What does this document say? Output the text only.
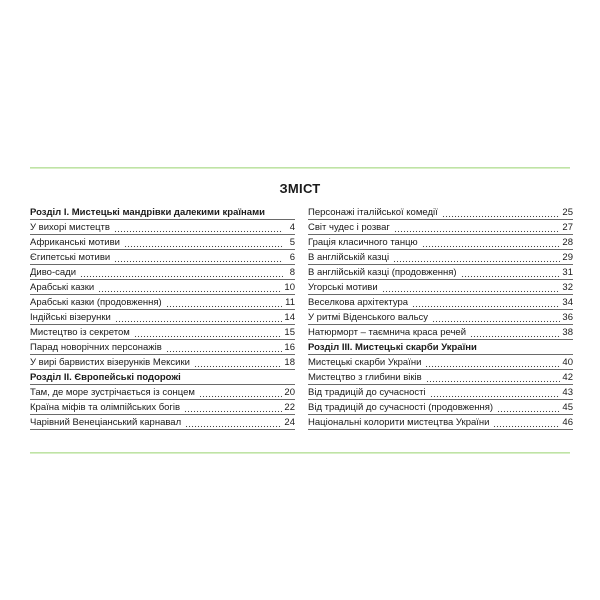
ЗМІСТ
Розділ І. Мистецькі мандрівки далекими країнами
У вихорі мистецтв	4
Африканські мотиви	5
Єгипетські мотиви	6
Диво-сади	8
Арабські казки	10
Арабські казки (продовження)	11
Індійські візерунки	14
Мистецтво із секретом	15
Парад новорічних персонажів	16
У вирі барвистих візерунків Мексики	18
Розділ ІІ. Європейські подорожі
Там, де море зустрічається із сонцем	20
Країна міфів та олімпійських богів	22
Чарівний Венеціанський карнавал	24
Персонажі італійської комедії	25
Світ чудес і розваг	27
Грація класичного танцю	28
В англійській казці	29
В англійській казці (продовження)	31
Угорські мотиви	32
Веселкова архітектура	34
У ритмі Віденського вальсу	36
Натюрморт – таємнича краса речей	38
Розділ ІІІ. Мистецькі скарби України
Мистецькі скарби України	40
Мистецтво з глибини віків	42
Від традицій до сучасності	43
Від традицій до сучасності (продовження)	45
Національні колорити мистецтва України	46
